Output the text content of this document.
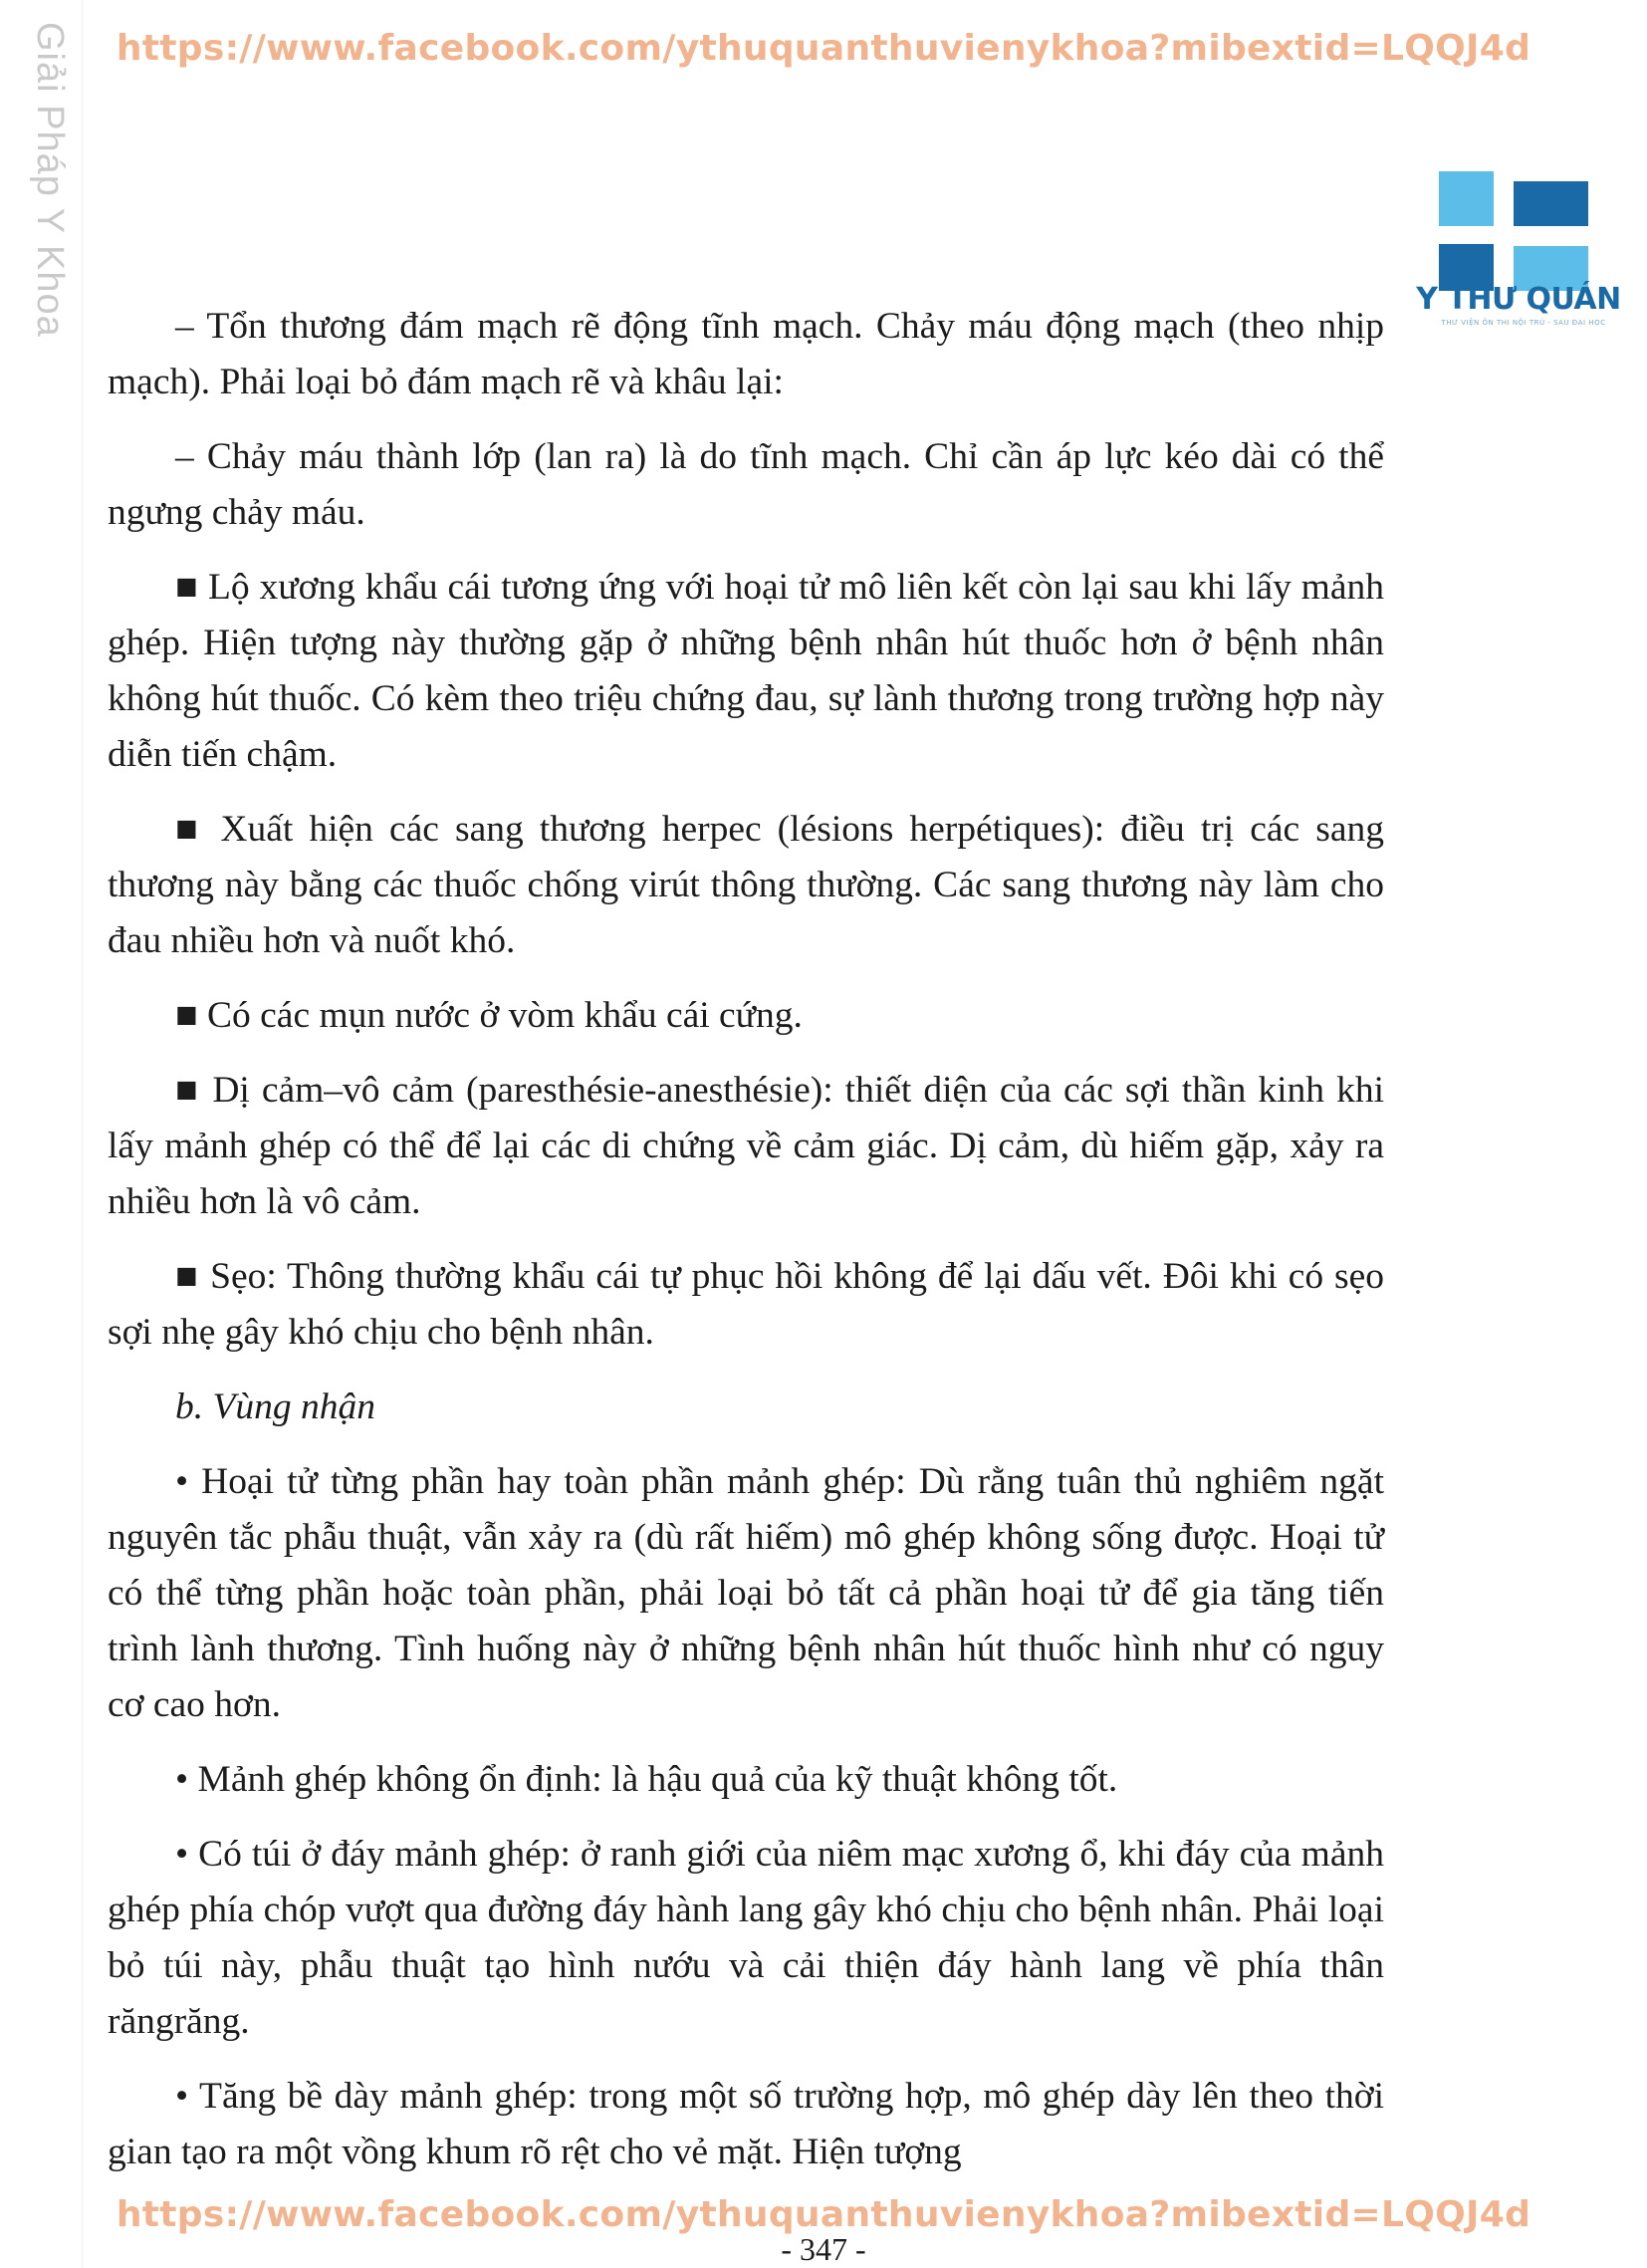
Giải Pháp Y Khoa	https://www.facebook.com/ythuquanthuvienykhoa?mibextid=LQQJ4d
Y THƯ QUÁN
THƯ VIỆN ÔN THI NỘI TRÚ - SAU ĐẠI HỌC

– Tổn thương đám mạch rẽ động tĩnh mạch. Chảy máu động mạch (theo nhịp mạch). Phải loại bỏ đám mạch rẽ và khâu lại:

– Chảy máu thành lớp (lan ra) là do tĩnh mạch. Chỉ cần áp lực kéo dài có thể ngưng chảy máu.

■ Lộ xương khẩu cái tương ứng với hoại tử mô liên kết còn lại sau khi lấy mảnh ghép. Hiện tượng này thường gặp ở những bệnh nhân hút thuốc hơn ở bệnh nhân không hút thuốc. Có kèm theo triệu chứng đau, sự lành thương trong trường hợp này diễn tiến chậm.

■ Xuất hiện các sang thương herpec (lésions herpétiques): điều trị các sang thương này bằng các thuốc chống virút thông thường. Các sang thương này làm cho đau nhiều hơn và nuốt khó.

■ Có các mụn nước ở vòm khẩu cái cứng.

■ Dị cảm–vô cảm (paresthésie-anesthésie): thiết diện của các sợi thần kinh khi lấy mảnh ghép có thể để lại các di chứng về cảm giác. Dị cảm, dù hiếm gặp, xảy ra nhiều hơn là vô cảm.

■ Sẹo: Thông thường khẩu cái tự phục hồi không để lại dấu vết. Đôi khi có sẹo sợi nhẹ gây khó chịu cho bệnh nhân.

b. Vùng nhận

• Hoại tử từng phần hay toàn phần mảnh ghép: Dù rằng tuân thủ nghiêm ngặt nguyên tắc phẫu thuật, vẫn xảy ra (dù rất hiếm) mô ghép không sống được. Hoại tử có thể từng phần hoặc toàn phần, phải loại bỏ tất cả phần hoại tử để gia tăng tiến trình lành thương. Tình huống này ở những bệnh nhân hút thuốc hình như có nguy cơ cao hơn.

• Mảnh ghép không ổn định: là hậu quả của kỹ thuật không tốt.

• Có túi ở đáy mảnh ghép: ở ranh giới của niêm mạc xương ổ, khi đáy của mảnh ghép phía chóp vượt qua đường đáy hành lang gây khó chịu cho bệnh nhân. Phải loại bỏ túi này, phẫu thuật tạo hình nướu và cải thiện đáy hành lang về phía thân răngrăng.

• Tăng bề dày mảnh ghép: trong một số trường hợp, mô ghép dày lên theo thời gian tạo ra một vồng khum rõ rệt cho vẻ mặt. Hiện tượng

https://www.facebook.com/ythuquanthuvienykhoa?mibextid=LQQJ4d
- 347 -
